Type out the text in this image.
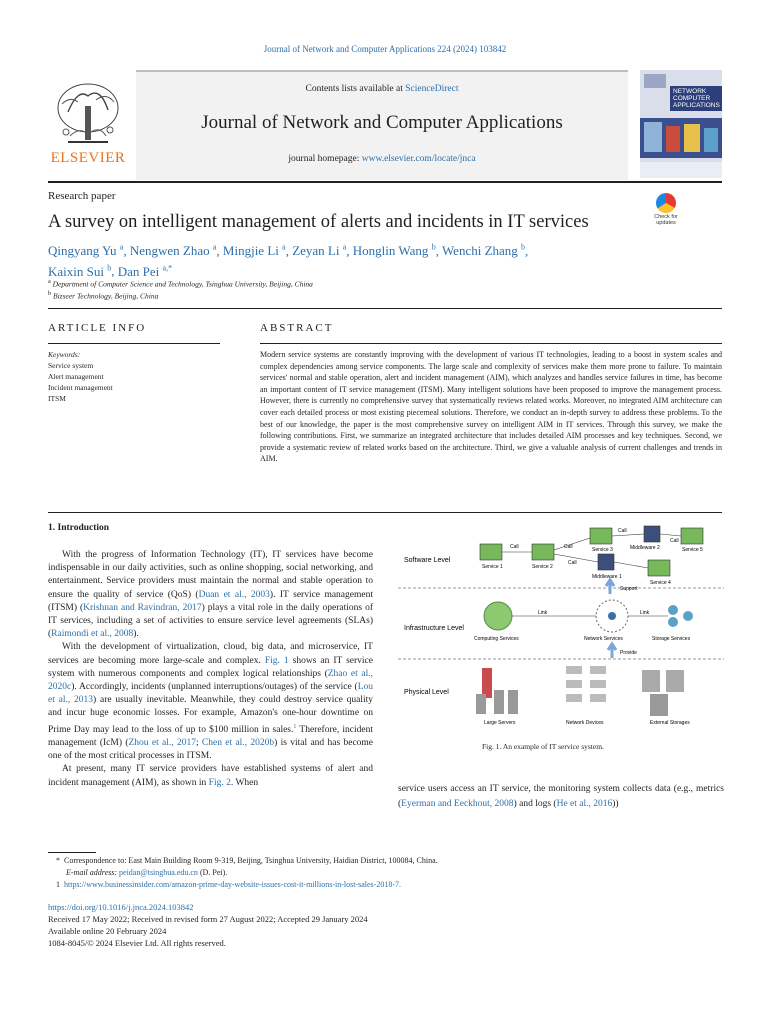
Journal of Network and Computer Applications 224 (2024) 103842
ELSEVIER
Contents lists available at ScienceDirect
Journal of Network and Computer Applications
journal homepage: www.elsevier.com/locate/jnca
NETWORK COMPUTER APPLICATIONS
Research paper
A survey on intelligent management of alerts and incidents in IT services	Check for updates
Qingyang Yu $^a$, Nengwen Zhao $^a$, Mingjie Li $^a$, Zeyan Li $^a$, Honglin Wang $^b$, Wenchi Zhang $^b$,
Kaixin Sui $^b$, Dan Pei $^{a,*}$
$^a$ Department of Computer Science and Technology, Tsinghua University, Beijing, China
$^b$ Bizseer Technology, Beijing, China
ARTICLE INFO	ABSTRACT
Keywords:
Service system
Alert management
Incident management
ITSM
Modern service systems are constantly improving with the development of various IT technologies, leading to a boost in system scales and complex dependencies among service components. The large scale and complexity of services make them more prone to failure. To maintain services' normal and stable operation, alert and incident management (AIM), which analyzes and handles service failures in time, has become an important content of IT service management (ITSM). Many intelligent solutions have been proposed to improve the management process. However, there is currently no comprehensive survey that systematically reviews related works. Moreover, no integrated AIM architecture can cover each detailed process or most existing piecemeal solutions. Therefore, we conduct an in-depth survey to address these problems. To the best of our knowledge, the paper is the most comprehensive survey on intelligent AIM in IT services. Through this survey, we make the following contributions. First, we summarize an integrated architecture that includes detailed AIM processes and key techniques. Second, we provide a systematic review of related works based on the architecture. Third, we give a valuable analysis of current challenges and trends in AIM.
1. Introduction

With the progress of Information Technology (IT), IT services have become indispensable in our daily activities, such as online shopping, social networking, and entertainment. Service providers must maintain the normal and stable operation to ensure the quality of service (QoS) (Duan et al., 2003). IT service management (ITSM) (Krishnan and Ravindran, 2017) plays a vital role in the daily operations of IT services, including a set of activities to ensure service level agreements (SLAs) (Raimondi et al., 2008).

With the development of virtualization, cloud, big data, and microservice, IT services are becoming more large-scale and complex. Fig. 1 shows an IT service system with numerous components and complex logical relationships (Zhao et al., 2020c). Accordingly, incidents (unplanned interruptions/outages) of the service (Lou et al., 2013) are usually inevitable. Meanwhile, they could destroy service quality and incur huge economic losses. For example, Amazon's one-hour downtime on Prime Day may lead to the loss of up to $100 million in sales.$^1$ Therefore, incident management (IcM) (Zhou et al., 2017; Chen et al., 2020b) is vital and has become one of the most critical processes in ITSM.

At present, many IT service providers have established systems of alert and incident management (AIM), as shown in Fig. 2. When

Software Level
Infrastructure Level
Physical Level
Service 1	Service 2
Service 3	Middleware 2	Service 5
Middleware 1
Service 4
Call	Call
Call
Call
Call
Support
Link	Link
Computing Services	Network Services	Storage Services
Provide
Large Servers	Network Devices	External Storages
Fig. 1. An example of IT service system.
service users access an IT service, the monitoring system collects data (e.g., metrics (Eyerman and Eeckhout, 2008) and logs (He et al., 2016))
* Correspondence to: East Main Building Room 9-319, Beijing, Tsinghua University, Haidian District, 100084, China.
E-mail address: peidan@tsinghua.edu.cn (D. Pei).
1 https://www.businessinsider.com/amazon-prime-day-website-issues-cost-it-millions-in-lost-sales-2018-7.
https://doi.org/10.1016/j.jnca.2024.103842
Received 17 May 2022; Received in revised form 27 August 2022; Accepted 29 January 2024
Available online 20 February 2024
1084-8045/© 2024 Elsevier Ltd. All rights reserved.
